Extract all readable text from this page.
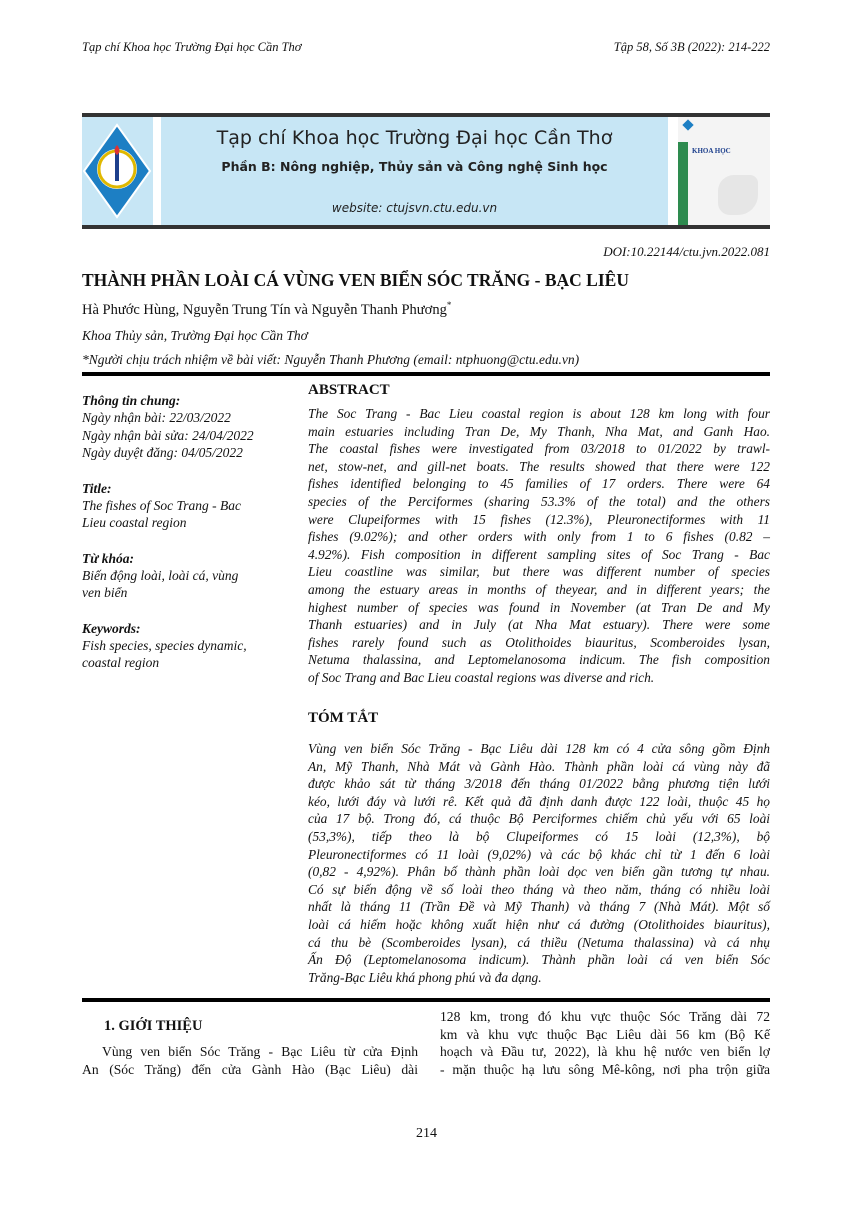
Tạp chí Khoa học Trường Đại học Cần Thơ	Tập 58, Số 3B (2022): 214-222
Tạp chí Khoa học Trường Đại học Cần Thơ
Phần B: Nông nghiệp, Thủy sản và Công nghệ Sinh học
website: ctujsvn.ctu.edu.vn
KHOA HỌC
DOI:10.22144/ctu.jvn.2022.081
THÀNH PHẦN LOÀI CÁ VÙNG VEN BIỂN SÓC TRĂNG - BẠC LIÊU
Hà Phước Hùng, Nguyễn Trung Tín và Nguyễn Thanh Phương*
Khoa Thủy sản, Trường Đại học Cần Thơ
*Người chịu trách nhiệm về bài viết: Nguyễn Thanh Phương (email: ntphuong@ctu.edu.vn)
Thông tin chung:
Ngày nhận bài: 22/03/2022
Ngày nhận bài sửa: 24/04/2022
Ngày duyệt đăng: 04/05/2022
Title:
The fishes of Soc Trang - Bac
Lieu coastal region
Từ khóa:
Biến động loài, loài cá, vùng
ven biển
Keywords:
Fish species, species dynamic,
coastal region
ABSTRACT
The Soc Trang - Bac Lieu coastal region is about 128 km long with four
main estuaries including Tran De, My Thanh, Nha Mat, and Ganh Hao.
The coastal fishes were investigated from 03/2018 to 01/2022 by trawl-
net, stow-net, and gill-net boats. The results showed that there were 122
fishes identified belonging to 45 families of 17 orders. There were 64
species of the Perciformes (sharing 53.3% of the total) and the others
were Clupeiformes with 15 fishes (12.3%), Pleuronectiformes with 11
fishes (9.02%); and other orders with only from 1 to 6 fishes (0.82 –
4.92%). Fish composition in different sampling sites of Soc Trang - Bac
Lieu coastline was similar, but there was different number of species
among the estuary areas in months of theyear, and in different years; the
highest number of species was found in November (at Tran De and My
Thanh estuaries) and in July (at Nha Mat estuary). There were some
fishes rarely found such as Otolithoides biauritus, Scomberoides lysan,
Netuma thalassina, and Leptomelanosoma indicum. The fish composition
of Soc Trang and Bac Lieu coastal regions was diverse and rich.
TÓM TẮT
Vùng ven biển Sóc Trăng - Bạc Liêu dài 128 km có 4 cửa sông gồm Định
An, Mỹ Thanh, Nhà Mát và Gành Hào. Thành phần loài cá vùng này đã
được khảo sát từ tháng 3/2018 đến tháng 01/2022 bằng phương tiện lưới
kéo, lưới đáy và lưới rê. Kết quả đã định danh được 122 loài, thuộc 45 họ
của 17 bộ. Trong đó, cá thuộc Bộ Perciformes chiếm chủ yếu với 65 loài
(53,3%), tiếp theo là bộ Clupeiformes có 15 loài (12,3%), bộ
Pleuronectiformes có 11 loài (9,02%) và các bộ khác chỉ từ 1 đến 6 loài
(0,82 - 4,92%). Phân bố thành phần loài dọc ven biển gần tương tự nhau.
Có sự biến động về số loài theo tháng và theo năm, tháng có nhiều loài
nhất là tháng 11 (Trần Đề và Mỹ Thanh) và tháng 7 (Nhà Mát). Một số
loài cá hiếm hoặc không xuất hiện như cá đường (Otolithoides biauritus),
cá thu bè (Scomberoides lysan), cá thiều (Netuma thalassina) và cá nhụ
Ấn Độ (Leptomelanosoma indicum). Thành phần loài cá ven biển Sóc
Trăng-Bạc Liêu khá phong phú và đa dạng.
1. GIỚI THIỆU
Vùng ven biển Sóc Trăng - Bạc Liêu từ cửa Định
An (Sóc Trăng) đến cửa Gành Hào (Bạc Liêu) dài
128 km, trong đó khu vực thuộc Sóc Trăng dài 72
km và khu vực thuộc Bạc Liêu dài 56 km (Bộ Kế
hoạch và Đầu tư, 2022), là khu hệ nước ven biển lợ
- mặn thuộc hạ lưu sông Mê-kông, nơi pha trộn giữa
214
